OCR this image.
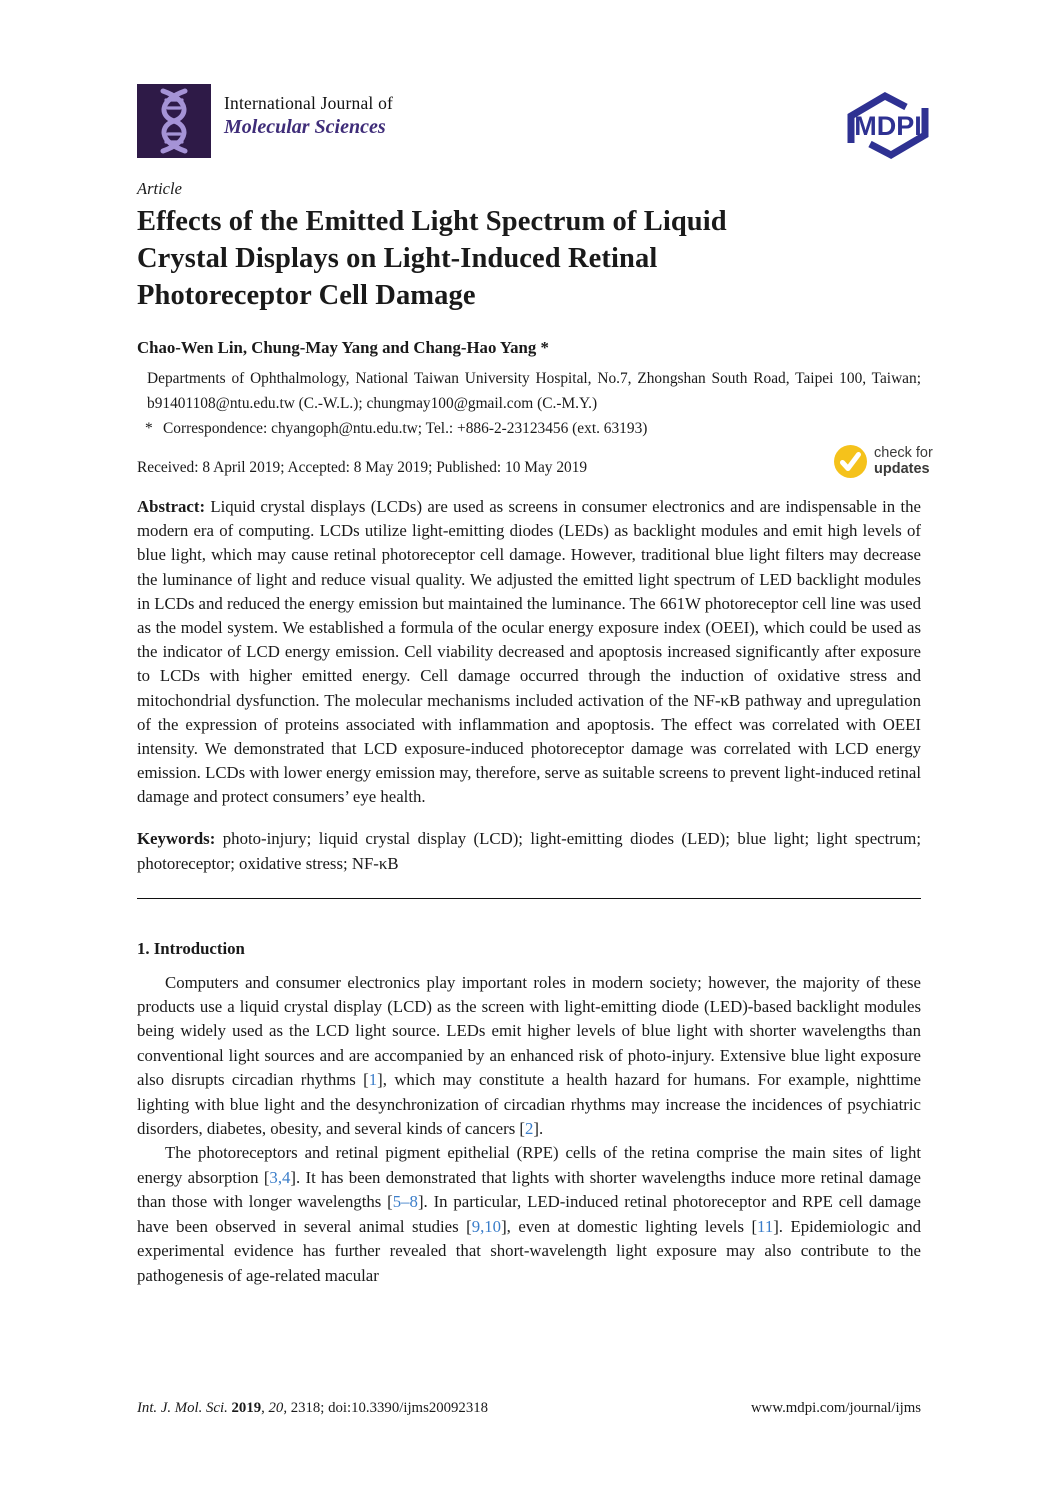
International Journal of
Molecular Sciences	MDPI
Article
Effects of the Emitted Light Spectrum of Liquid
Crystal Displays on Light-Induced Retinal
Photoreceptor Cell Damage
Chao-Wen Lin, Chung-May Yang and Chang-Hao Yang *
Departments of Ophthalmology, National Taiwan University Hospital, No.7, Zhongshan South Road, Taipei 100, Taiwan; b91401108@ntu.edu.tw (C.-W.L.); chungmay100@gmail.com (C.-M.Y.)
* Correspondence: chyangoph@ntu.edu.tw; Tel.: +886-2-23123456 (ext. 63193)
Received: 8 April 2019; Accepted: 8 May 2019; Published: 10 May 2019
check for
updates
Abstract: Liquid crystal displays (LCDs) are used as screens in consumer electronics and are indispensable in the modern era of computing. LCDs utilize light-emitting diodes (LEDs) as backlight modules and emit high levels of blue light, which may cause retinal photoreceptor cell damage. However, traditional blue light filters may decrease the luminance of light and reduce visual quality. We adjusted the emitted light spectrum of LED backlight modules in LCDs and reduced the energy emission but maintained the luminance. The 661W photoreceptor cell line was used as the model system. We established a formula of the ocular energy exposure index (OEEI), which could be used as the indicator of LCD energy emission. Cell viability decreased and apoptosis increased significantly after exposure to LCDs with higher emitted energy. Cell damage occurred through the induction of oxidative stress and mitochondrial dysfunction. The molecular mechanisms included activation of the NF-κB pathway and upregulation of the expression of proteins associated with inflammation and apoptosis. The effect was correlated with OEEI intensity. We demonstrated that LCD exposure-induced photoreceptor damage was correlated with LCD energy emission. LCDs with lower energy emission may, therefore, serve as suitable screens to prevent light-induced retinal damage and protect consumers’ eye health.
Keywords: photo-injury; liquid crystal display (LCD); light-emitting diodes (LED); blue light; light spectrum; photoreceptor; oxidative stress; NF-κB
1. Introduction

Computers and consumer electronics play important roles in modern society; however, the majority of these products use a liquid crystal display (LCD) as the screen with light-emitting diode (LED)-based backlight modules being widely used as the LCD light source. LEDs emit higher levels of blue light with shorter wavelengths than conventional light sources and are accompanied by an enhanced risk of photo-injury. Extensive blue light exposure also disrupts circadian rhythms [1], which may constitute a health hazard for humans. For example, nighttime lighting with blue light and the desynchronization of circadian rhythms may increase the incidences of psychiatric disorders, diabetes, obesity, and several kinds of cancers [2].

The photoreceptors and retinal pigment epithelial (RPE) cells of the retina comprise the main sites of light energy absorption [3,4]. It has been demonstrated that lights with shorter wavelengths induce more retinal damage than those with longer wavelengths [5–8]. In particular, LED-induced retinal photoreceptor and RPE cell damage have been observed in several animal studies [9,10], even at domestic lighting levels [11]. Epidemiologic and experimental evidence has further revealed that short-wavelength light exposure may also contribute to the pathogenesis of age-related macular

Int. J. Mol. Sci. 2019, 20, 2318; doi:10.3390/ijms20092318	www.mdpi.com/journal/ijms
